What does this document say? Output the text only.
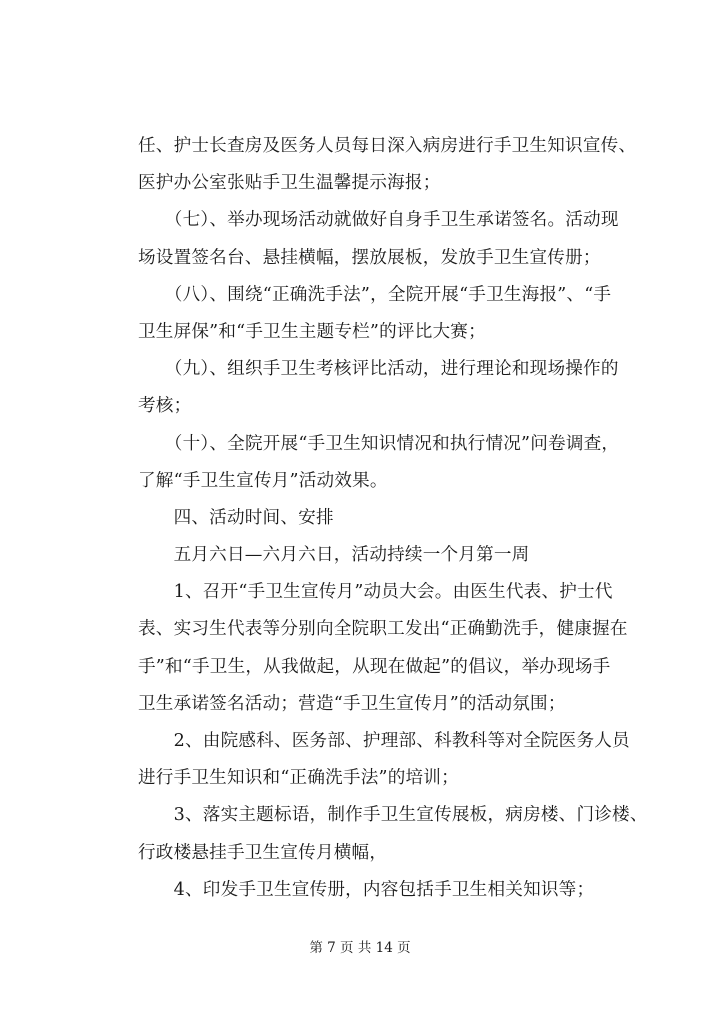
任、护士长查房及医务人员每日深入病房进行手卫生知识宣传、
医护办公室张贴手卫生温馨提示海报；
　　（七）、举办现场活动就做好自身手卫生承诺签名。活动现
场设置签名台、悬挂横幅，摆放展板，发放手卫生宣传册；
　　（八）、围绕“正确洗手法”，全院开展“手卫生海报”、“手
卫生屏保”和“手卫生主题专栏”的评比大赛；
　　（九）、组织手卫生考核评比活动，进行理论和现场操作的
考核；
　　（十）、全院开展“手卫生知识情况和执行情况”问卷调查，
了解“手卫生宣传月”活动效果。
　　四、活动时间、安排
　　五月六日—六月六日，活动持续一个月第一周
　　1、召开“手卫生宣传月”动员大会。由医生代表、护士代
表、实习生代表等分别向全院职工发出“正确勤洗手，健康握在
手”和“手卫生，从我做起，从现在做起”的倡议，举办现场手
卫生承诺签名活动；营造“手卫生宣传月”的活动氛围；
　　2、由院感科、医务部、护理部、科教科等对全院医务人员
进行手卫生知识和“正确洗手法”的培训；
　　3、落实主题标语，制作手卫生宣传展板，病房楼、门诊楼、
行政楼悬挂手卫生宣传月横幅，
　　4、印发手卫生宣传册，内容包括手卫生相关知识等；
第 7 页 共 14 页
